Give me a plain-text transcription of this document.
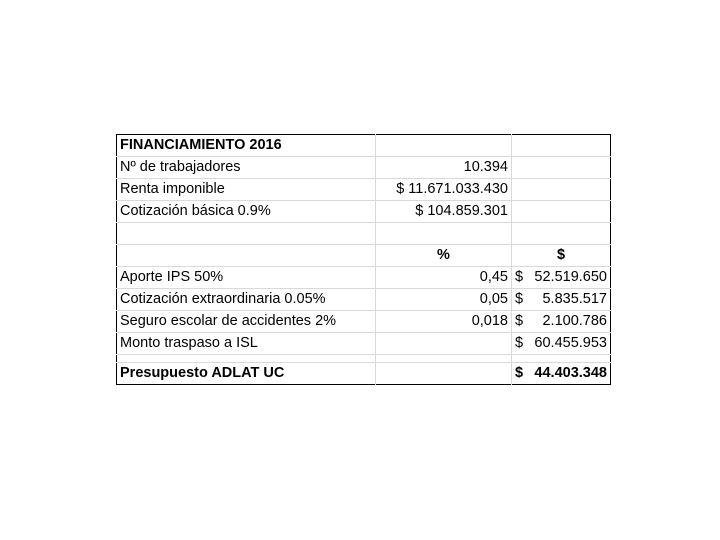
FINANCIAMIENTO 2016		
Nº de trabajadores	10.394	
Renta imponible	$ 11.671.033.430	
Cotización básica 0.9%	$ 104.859.301	

	%	$
Aporte IPS 50%	0,45	$ 52.519.650

Cotización extraordinaria 0.05%	0,05	$ 5.835.517

Seguro escolar de accidentes 2%	0,018	$ 2.100.786

Monto traspaso a ISL		$ 60.455.953

Presupuesto ADLAT UC		$ 44.403.348
